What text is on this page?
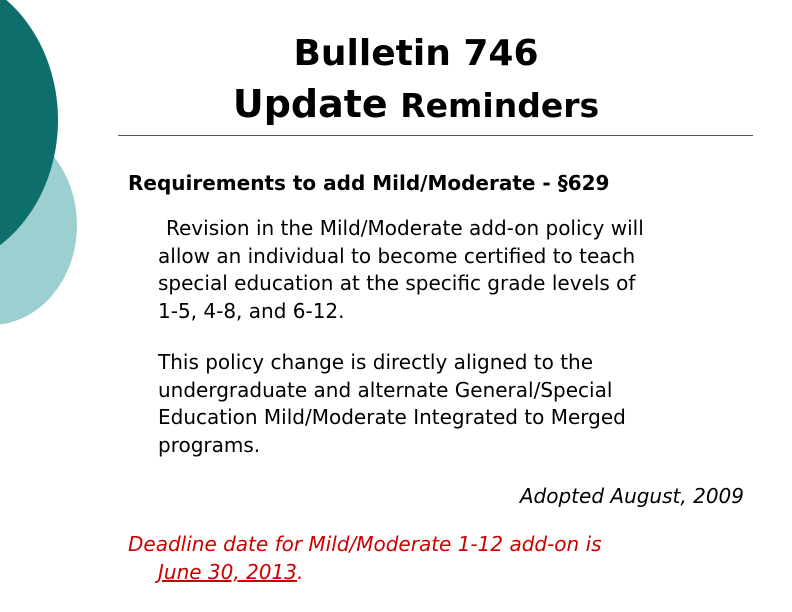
Bulletin 746
Update Reminders

Requirements to add Mild/Moderate - §629

Revision in the Mild/Moderate add-on policy will
allow an individual to become certified to teach
special education at the specific grade levels of
1-5, 4-8, and 6-12.

This policy change is directly aligned to the
undergraduate and alternate General/Special
Education Mild/Moderate Integrated to Merged
programs.

Adopted August, 2009

Deadline date for Mild/Moderate 1-12 add-on is
June 30, 2013.
